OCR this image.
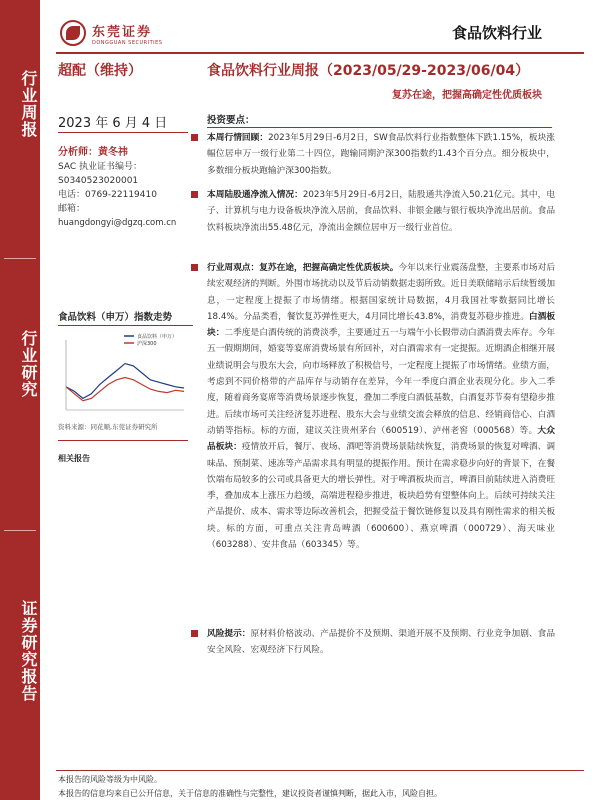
行业周报
行业研究
证券研究报告
东莞证券
DONGGUAN SECURITIES
食品饮料行业
超配（维持）	食品饮料行业周报（2023/05/29-2023/06/04）
复苏在途，把握高确定性优质板块
2023 年 6 月 4 日
分析师：黄冬祎
SAC 执业证书编号：
S0340523020001
电话：0769-22119410
邮箱：
huangdongyi@dgzq.com.cn
食品饮料（申万）指数走势
食品饮料（申万）
沪深300
资料来源：同花顺,东莞证券研究所
相关报告
投资要点：
本周行情回顾：2023年5月29日-6月2日，SW食品饮料行业指数整体下跌1.15%，板块涨幅位居申万一级行业第二十四位，跑输同期沪深300指数约1.43个百分点。细分板块中，多数细分板块跑输沪深300指数。
本周陆股通净流入情况：2023年5月29日-6月2日，陆股通共净流入50.21亿元。其中，电子、计算机与电力设备板块净流入居前，食品饮料、非银金融与银行板块净流出居前。食品饮料板块净流出55.48亿元，净流出金额位居申万一级行业首位。
行业周观点：复苏在途，把握高确定性优质板块。今年以来行业震荡盘整，主要系市场对后续宏观经济的判断。外围市场扰动以及节后动销数据走弱所致。近日美联储暗示后续暂缓加息，一定程度上提振了市场情绪。根据国家统计局数据，4月我国社零数据同比增长18.4%。分品类看，餐饮复苏弹性更大，4月同比增长43.8%，消费复苏稳步推进。白酒板块：二季度是白酒传统的消费淡季，主要通过五一与端午小长假带动白酒消费去库存。今年五一假期期间，婚宴等宴席消费场景有所回补，对白酒需求有一定提振。近期酒企相继开展业绩说明会与股东大会，向市场释放了积极信号，一定程度上提振了市场情绪。业绩方面，考虑到不同价格带的产品库存与动销存在差异，今年一季度白酒企业表现分化。步入二季度，随着商务宴席等消费场景逐步恢复，叠加二季度白酒低基数，白酒复苏节奏有望稳步推进。后续市场可关注经济复苏进程、股东大会与业绩交流会释放的信息、经销商信心、白酒动销等指标。标的方面，建议关注贵州茅台（600519）、泸州老窖（000568）等。大众品板块：疫情放开后，餐厅、夜场、酒吧等消费场景陆续恢复，消费场景的恢复对啤酒、调味品、预制菜、速冻等产品需求具有明显的提振作用。预计在需求稳步向好的背景下，在餐饮端布局较多的公司或具备更大的增长弹性。对于啤酒板块而言，啤酒目前陆续进入消费旺季，叠加成本上涨压力趋缓，高端进程稳步推进，板块趋势有望整体向上。后续可持续关注产品提价、成本、需求等边际改善机会，把握受益于餐饮链修复以及具有刚性需求的相关板块。标的方面，可重点关注青岛啤酒（600600）、燕京啤酒（000729）、海天味业（603288）、安井食品（603345）等。
风险提示：原材料价格波动、产品提价不及预期、渠道开展不及预期、行业竞争加剧、食品安全风险、宏观经济下行风险。
本报告的风险等级为中风险。
本报告的信息均来自已公开信息，关于信息的准确性与完整性，建议投资者谨慎判断，据此入市，风险自担。
